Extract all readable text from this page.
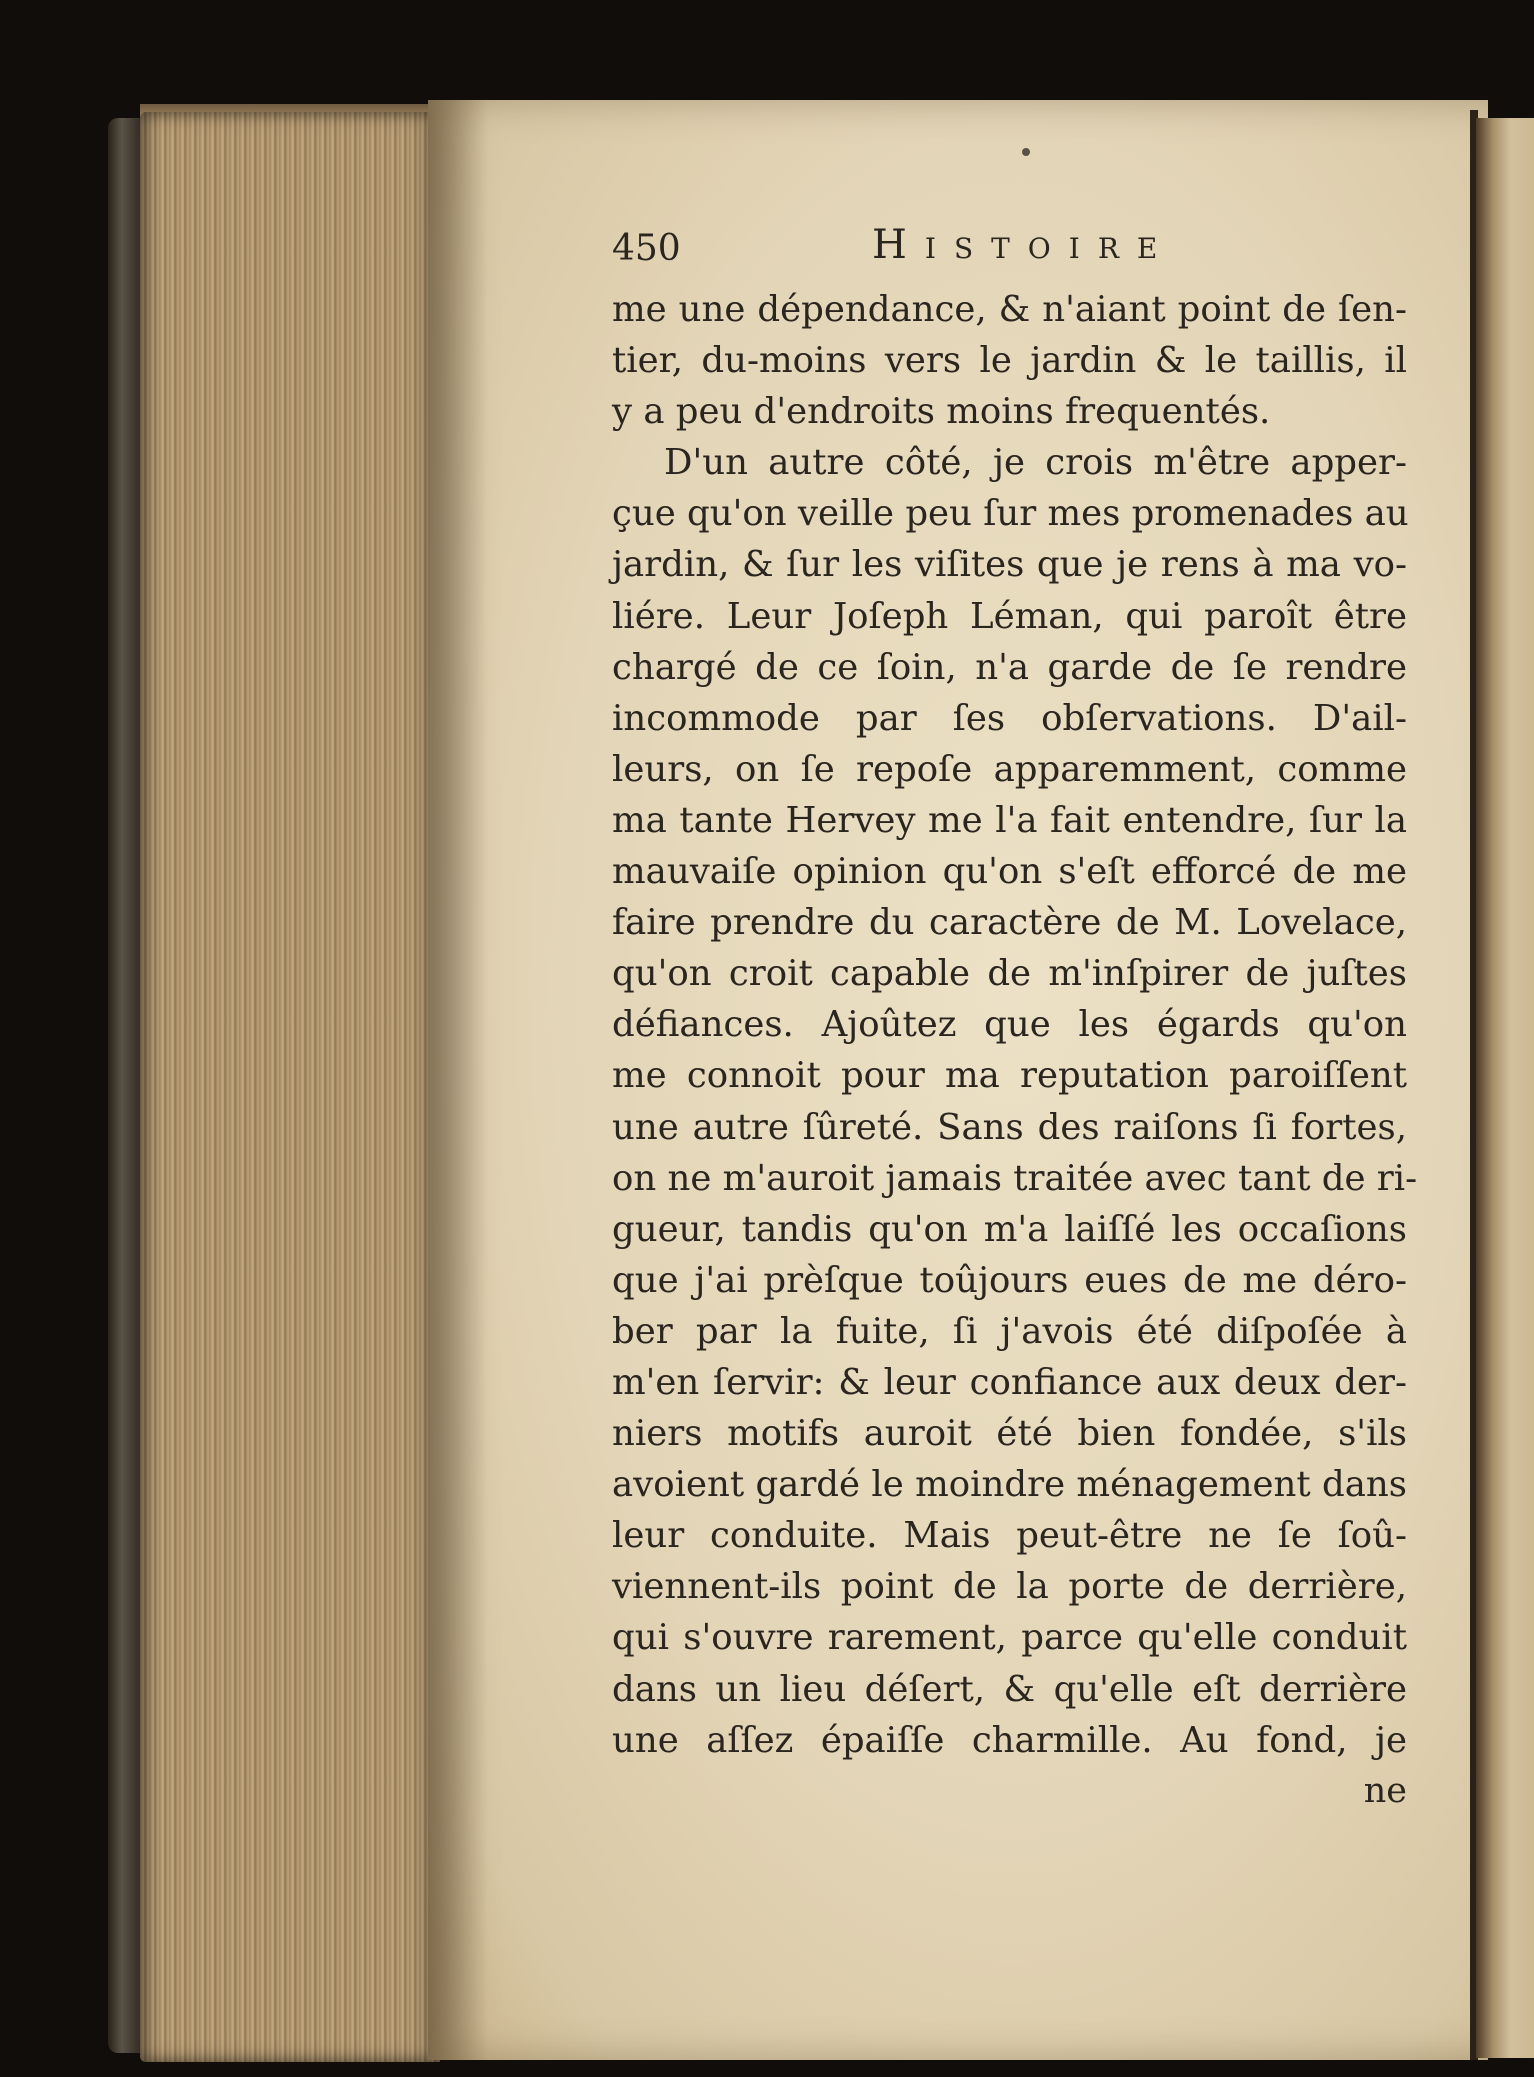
450	Histoire
me une dépendance, & n'aiant point de ſen-
tier, du-moins vers le jardin & le taillis, il
y a peu d'endroits moins frequentés.
D'un autre côté, je crois m'être apper-
çue qu'on veille peu ſur mes promenades au
jardin, & ſur les viſites que je rens à ma vo-
liére. Leur Joſeph Léman, qui paroît être
chargé de ce ſoin, n'a garde de ſe rendre
incommode par ſes obſervations. D'ail-
leurs, on ſe repoſe apparemment, comme
ma tante Hervey me l'a fait entendre, ſur la
mauvaiſe opinion qu'on s'eſt efforcé de me
faire prendre du caractère de M. Lovelace,
qu'on croit capable de m'inſpirer de juſtes
défiances. Ajoûtez que les égards qu'on
me connoit pour ma reputation paroiſſent
une autre ſûreté. Sans des raiſons ſi fortes,
on ne m'auroit jamais traitée avec tant de ri-
gueur, tandis qu'on m'a laiſſé les occaſions
que j'ai prèſque toûjours eues de me déro-
ber par la fuite, ſi j'avois été diſpoſée à
m'en ſervir: & leur confiance aux deux der-
niers motifs auroit été bien fondée, s'ils
avoient gardé le moindre ménagement dans
leur conduite. Mais peut-être ne ſe ſoû-
viennent-ils point de la porte de derrière,
qui s'ouvre rarement, parce qu'elle conduit
dans un lieu déſert, & qu'elle eſt derrière
une aſſez épaiſſe charmille. Au fond, je
ne
